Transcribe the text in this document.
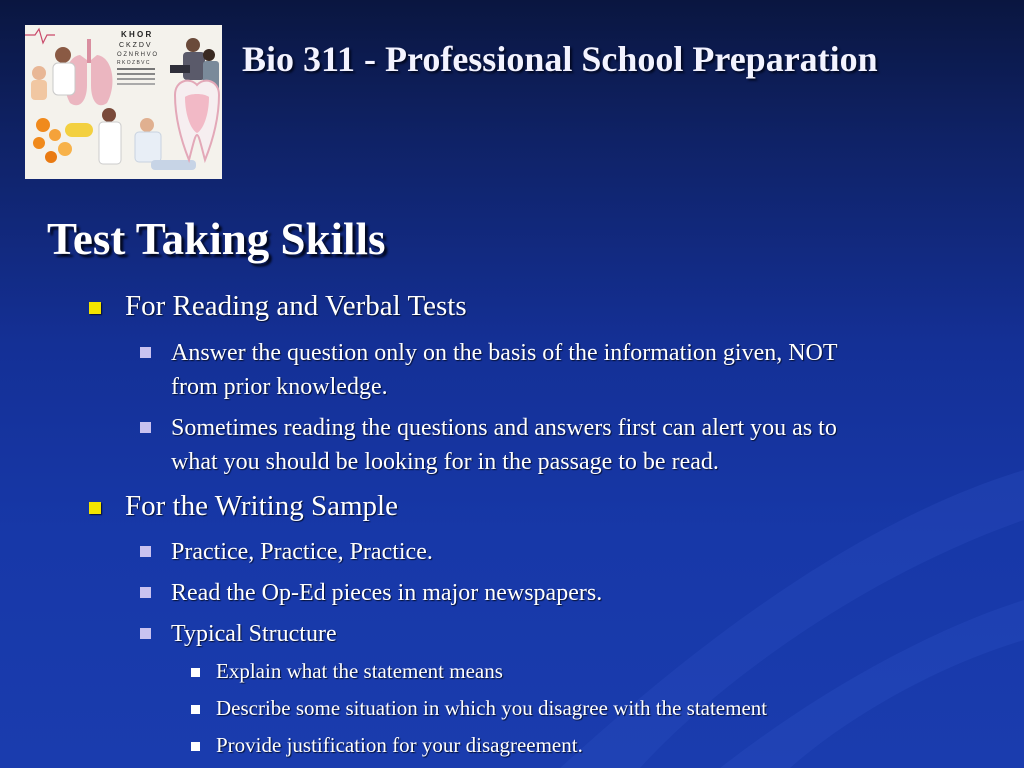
K H O R
C K Z D V
O Z N R H V O
R K O Z B V C	Bio 311 - Professional School Preparation
Test Taking Skills
For Reading and Verbal Tests
Answer the question only on the basis of the information given, NOT
from prior knowledge.
Sometimes reading the questions and answers first can alert you as to
what you should be looking for in the passage to be read.
For the Writing Sample
Practice, Practice, Practice.
Read the Op-Ed pieces in major newspapers.
Typical Structure
Explain what the statement means
Describe some situation in which you disagree with the statement
Provide justification for your disagreement.
